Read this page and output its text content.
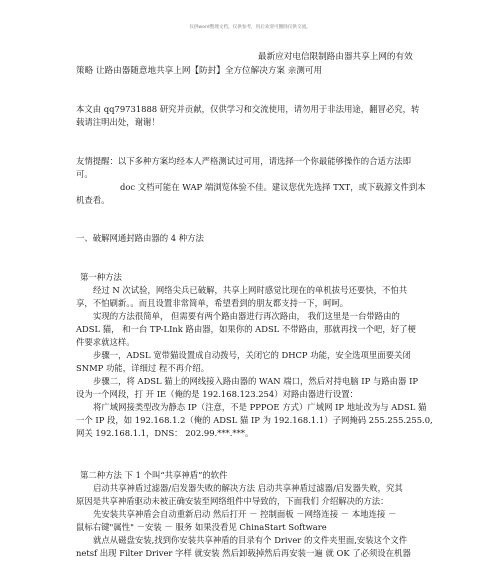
仅供word整理文档，仅供参考，用后欢迎可删除仅供交流。
最新应对电信限制路由器共享上网的有效
策略 让路由器随意地共享上网【防封】全方位解决方案 亲测可用
本文由 qq79731888 研究并贡献，仅供学习和交流使用，请勿用于非法用途，翻冒必究，转
载请注明出处，谢谢！
友情提醒：以下多种方案均经本人严格测试过可用，请选择一个你最能够操作的合适方法即
可。
doc 文档可能在 WAP 端浏览体验不佳。建议您优先选择 TXT，或下载源文件到本
机查看。
一、破解网通封路由器的 4 种方法
第一种方法
经过 N 次试验，网络尖兵已破解，共享上网时感觉比现在的单机拔号还要快，不怕共
享，不怕刷新。。而且设置非常简单，希望看到的朋友都支持一下，呵呵。
实现的方法很简单， 但需要有两个路由器进行再次路由， 我们这里是一台带路由的
ADSL 猫， 和一台 TP-LInk 路由器，如果你的 ADSL 不带路由，那就再找一个吧，好了梗
件要求就这样。
步骤一，ADSL 宽带猫设置成自动拨号，关闭它的 DHCP 功能，安全选项里面要关闭
SNMP 功能，详细过 程不再介绍。
步骤二，将 ADSL 猫上的网线接入路由器的 WAN 端口，然后对持电脑 IP 与路由器 IP
设为一个网段，打 开 IE（俺的是 192.168.123.254）对路由器进行设置：
将广域网接类型改为静态 IP（注意，不是 PPPOE 方式）广域网 IP 地址改为与 ADSL 猫
一个 IP 段，如 192.168.1.2（俺的 ADSL 猫 IP 为 192.168.1.1）子网掩码 255.255.255.0,
网关 192.168.1.1，DNS： 202.99.***.***。
第二种方法 下 1 个叫“共享神盾”的软件
启动共享神盾过滤器/启发器失败的解决方法 启动共享神盾过滤器/启发器失败，究其
原因是共享神盾驱动未被正确安装至网络组件中导致的，下面我们 介绍解决的方法：
先安装共享神盾会自动重新启动 然后打开 － 控制面板 －网络连接 － 本地连接 －
鼠标右键"属性" －安装 － 服务 如果没看见 ChinaStart Software
就点从磁盘安装,找到你安装共享神盾的目录有个 Driver 的文件夹里面,安装这个文件
netsf 出现 Filter Driver 字样 就安装 然后卸载掉然后再安装一遍 就 OK 了必须设在机器
